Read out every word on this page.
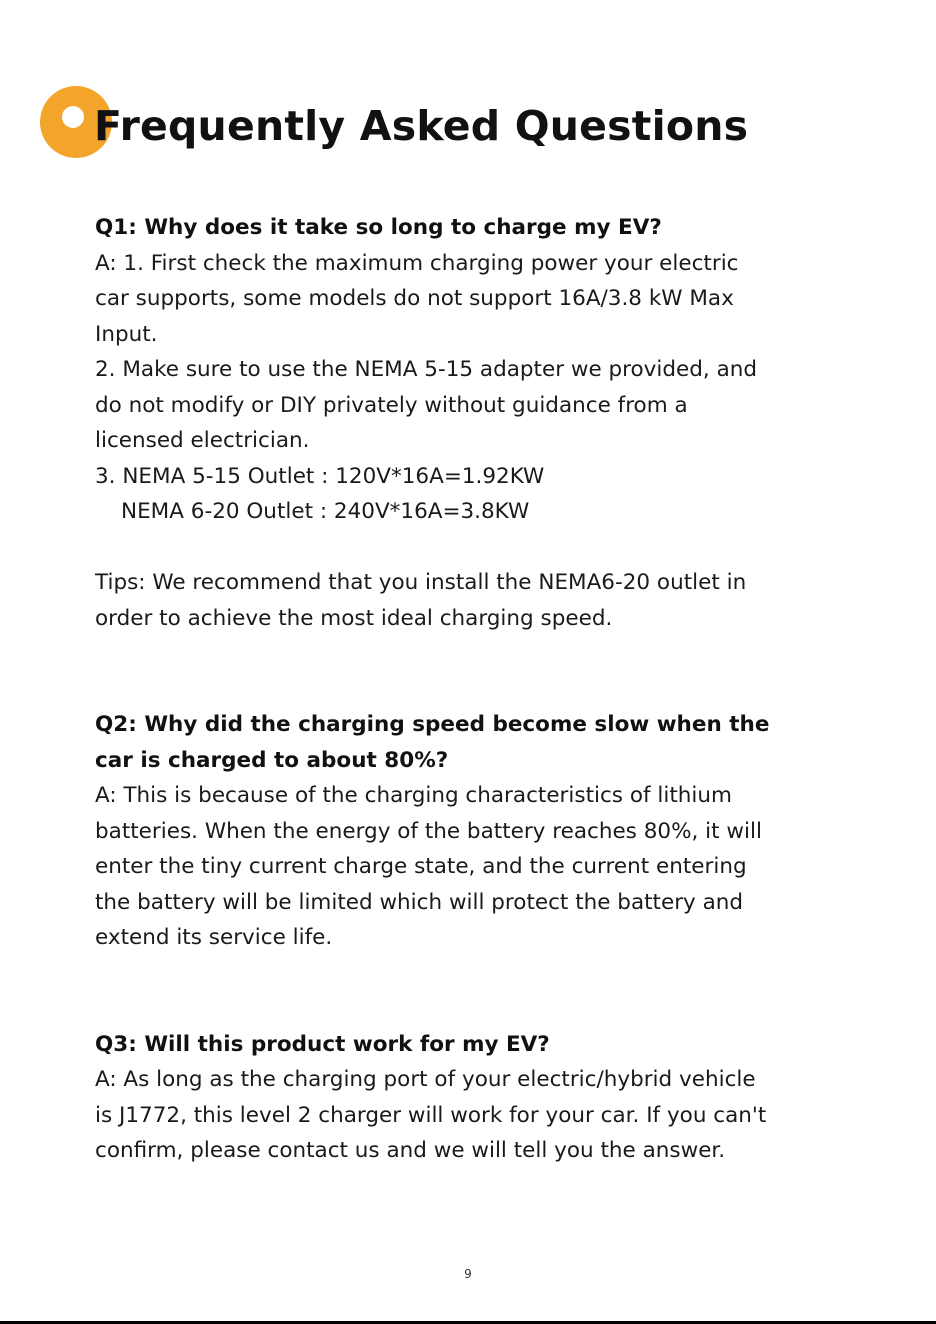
Frequently Asked Questions

Q1: Why does it take so long to charge my EV?

A: 1. First check the maximum charging power your electric

car supports, some models do not support 16A/3.8 kW Max

Input.

2. Make sure to use the NEMA 5-15 adapter we provided, and

do not modify or DIY privately without guidance from a

licensed electrician.

3. NEMA 5-15 Outlet : 120V*16A=1.92KW

NEMA 6-20 Outlet : 240V*16A=3.8KW

Tips: We recommend that you install the NEMA6-20 outlet in

order to achieve the most ideal charging speed.

Q2: Why did the charging speed become slow when the

car is charged to about 80%?

A: This is because of the charging characteristics of lithium

batteries. When the energy of the battery reaches 80%, it will

enter the tiny current charge state, and the current entering

the battery will be limited which will protect the battery and

extend its service life.

Q3: Will this product work for my EV?

A: As long as the charging port of your electric/hybrid vehicle

is J1772, this level 2 charger will work for your car. If you can't

confirm, please contact us and we will tell you the answer.

9
